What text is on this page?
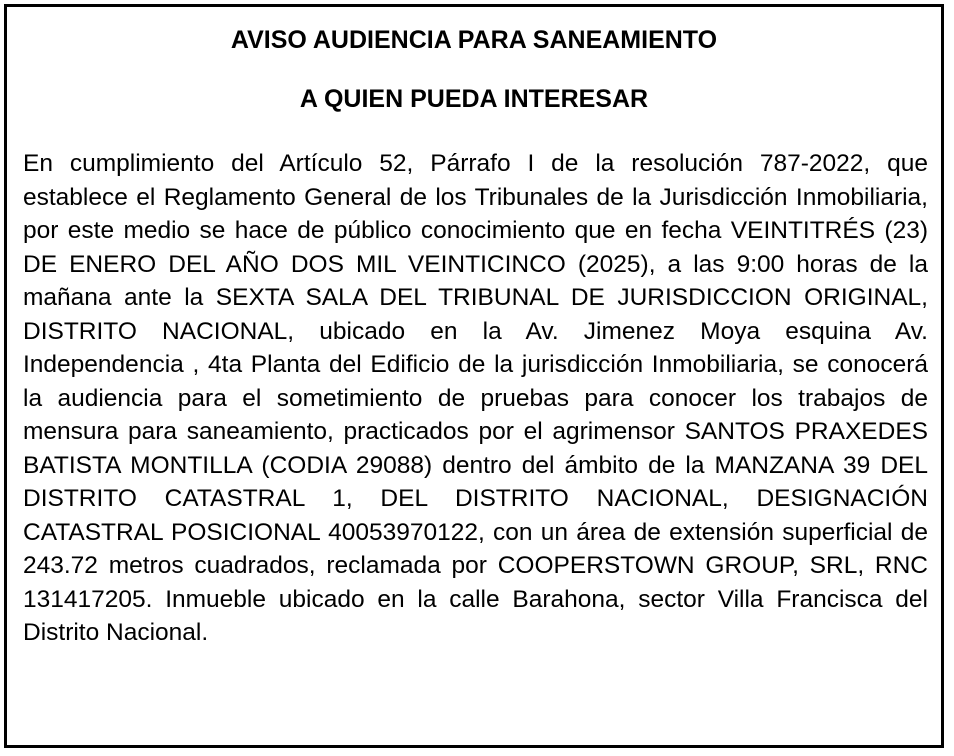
AVISO AUDIENCIA PARA SANEAMIENTO
A QUIEN PUEDA INTERESAR

En cumplimiento del Artículo 52, Párrafo I de la resolución 787-2022, que establece el Reglamento General de los Tribunales de la Jurisdicción Inmobiliaria, por este medio se hace de público conocimiento que en fecha VEINTITRÉS (23) DE ENERO DEL AÑO DOS MIL VEINTICINCO (2025), a las 9:00 horas de la mañana ante la SEXTA SALA DEL TRIBUNAL DE JURISDICCION ORIGINAL, DISTRITO NACIONAL, ubicado en la Av. Jimenez Moya esquina Av. Independencia , 4ta Planta del Edificio de la jurisdicción Inmobiliaria, se conocerá la audiencia para el sometimiento de pruebas para conocer los trabajos de mensura para saneamiento, practicados por el agrimensor SANTOS PRAXEDES BATISTA MONTILLA (CODIA 29088) dentro del ámbito de la MANZANA 39 DEL DISTRITO CATASTRAL 1, DEL DISTRITO NACIONAL, DESIGNACIÓN CATASTRAL POSICIONAL 40053970122, con un área de extensión superficial de 243.72 metros cuadrados, reclamada por COOPERSTOWN GROUP, SRL, RNC 131417205. Inmueble ubicado en la calle Barahona, sector Villa Francisca del Distrito Nacional.
